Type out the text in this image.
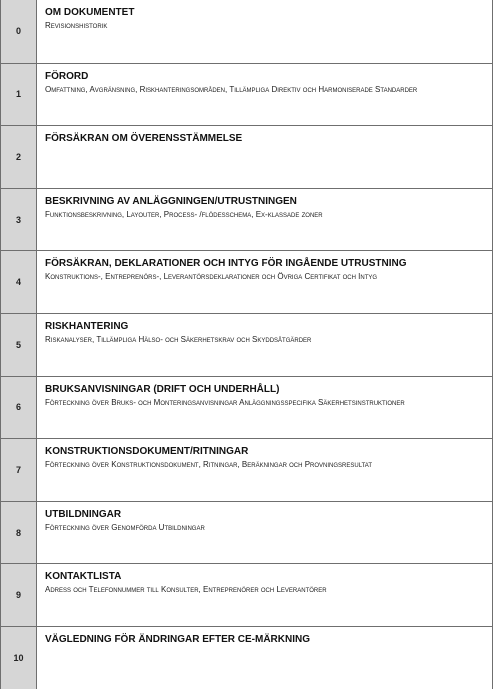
0
OM DOKUMENTET
Revisionshistorik
1
FÖRORD
Omfattning, Avgränsning, Riskhanteringsområden, Tillämpliga Direktiv och Harmoniserade Standarder
2
FÖRSÄKRAN OM ÖVERENSSTÄMMELSE
3
BESKRIVNING AV ANLÄGGNINGEN/UTRUSTNINGEN
Funktionsbeskrivning, Layouter, Process- /flödesschema, Ex-klassade zoner
4
FÖRSÄKRAN, DEKLARATIONER OCH INTYG FÖR INGÅENDE UTRUSTNING
Konstruktions-, Entreprenörs-, Leverantörsdeklarationer och Övriga Certifikat och Intyg
5
RISKHANTERING
Riskanalyser, Tillämpliga Hälso- och Säkerhetskrav och Skyddsåtgärder
6
BRUKSANVISNINGAR (DRIFT OCH UNDERHÅLL)
Förteckning över Bruks- och Monteringsanvisningar Anläggningsspecifika Säkerhetsinstruktioner
7
KONSTRUKTIONSDOKUMENT/RITNINGAR
Förteckning över Konstruktionsdokument, Ritningar, Beräkningar och Provningsresultat
8
UTBILDNINGAR
Förteckning över Genomförda Utbildningar
9
KONTAKTLISTA
Adress och Telefonnummer till Konsulter, Entreprenörer och Leverantörer
10
VÄGLEDNING FÖR ÄNDRINGAR EFTER CE-MÄRKNING
